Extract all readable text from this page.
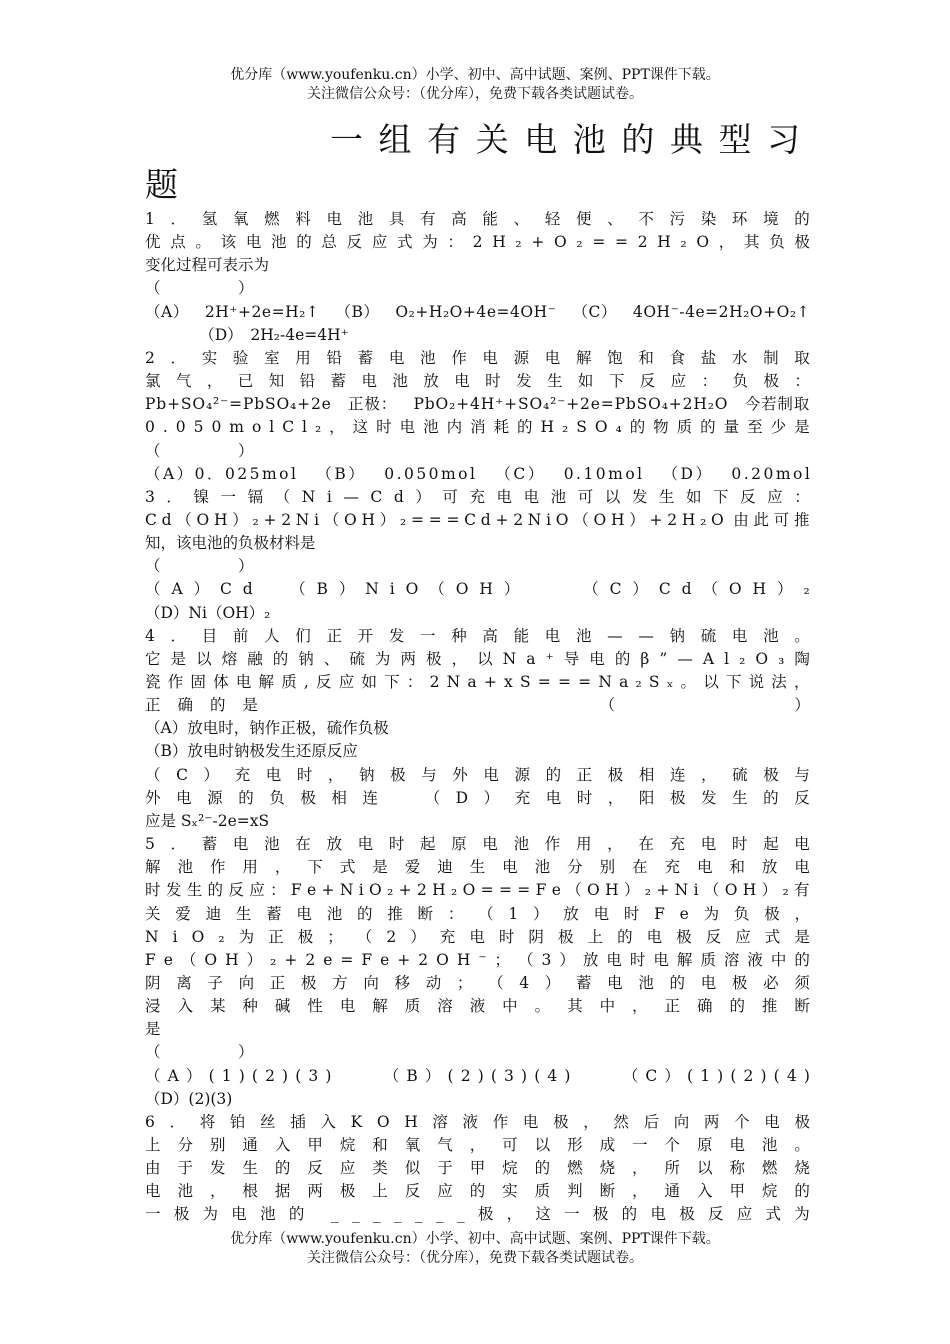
优分库（www.youfenku.cn）小学、初中、高中试题、案例、PPT课件下载。
关注微信公众号：（优分库），免费下载各类试题试卷。
一组有关电池的典型习
题
1 ． 氢 氧 燃 料 电 池 具 有 高 能 、 轻 便 、 不 污 染 环 境 的
优 点 。 该 电 池 的 总 反 应 式 为 ： 2 H ₂ + O ₂ = = 2 H ₂ O ， 其 负 极
变化过程可表示为
（　　　　　）
（ A ）
　 2 H ⁺ + 2 e = H ₂ ↑
　 （ B ）
　 O ₂ + H ₂ O + 4 e = 4 O H ⁻
　 （ C ）
　 4 O H ⁻ - 4 e = 2 H ₂ O + O ₂ ↑
　　　　（D）　2H₂-4e=4H⁺
2 ． 实 验 室 用 铅 蓄 电 池 作 电 源 电 解 饱 和 食 盐 水 制 取
氯 气 ， 已 知 铅 蓄 电 池 放 电 时 发 生 如 下 反 应 ： 负 极 ：
P b + S O ₄ ² ⁻ = P b S O ₄ + 2 e
　 正 极 ：
　 P b O ₂ + 4 H ⁺ + S O ₄ ² ⁻ + 2 e = P b S O ₄ + 2 H ₂ O
　 今 若 制 取
0 . 0 5 0 m o l C l ₂ ， 这 时 电 池 内 消 耗 的 H ₂ S O ₄ 的 物 质 的 量 至 少 是
（　　　　　）
（ A ） 0 ． 0 2 5 m o l
　 （ B ）
　 0 . 0 5 0 m o l
　 （ C ）
　 0 . 1 0 m o l
　 （ D ）
　 0 . 2 0 m o l
3 ． 镍 一 镉 （ N i — C d ） 可 充 电 电 池 可 以 发 生 如 下 反 应 ：
C d （ O H ） ₂ + 2 N i （ O H ） ₂ = = = C d + 2 N i O （ O H ） + 2 H ₂ O 由 此 可 推
知，该电池的负极材料是
（　　　　　）
（ A ） C d
　 （ B ） N i O （ O H ）

　	（ C ） C d （ O H ） ₂
（D）Ni（OH）₂
4 ． 目 前 人 们 正 开 发 一 种 高 能 电 池 — — 钠 硫 电 池 。
它 是 以 熔 融 的 钠 、 硫 为 两 极 ， 以 N a ⁺ 导 电 的 β ” — A l ₂ O ₃ 陶
瓷 作 固 体 电 解 质 , 反 应 如 下 ： 2 N a + x S = = = N a ₂ S ₓ 。 以 下 说 法 ，
正 确 的 是

　	（

　	）
（A）放电时，钠作正极，硫作负极
（B）放电时钠极发生还原反应
（ C ） 充 电 时 ， 钠 极 与 外 电 源 的 正 极 相 连 ， 硫 极 与
外 电 源 的 负 极 相 连
　	（ D ） 充 电 时 ， 阳 极 发 生 的 反
应是 Sₓ²⁻-2e=xS
5 ． 蓄 电 池 在 放 电 时 起 原 电 池 作 用 ， 在 充 电 时 起 电
解 池 作 用 ， 下 式 是 爱 迪 生 电 池 分 别 在 充 电 和 放 电
时 发 生 的 反 应 ： F e + N i O ₂ + 2 H ₂ O = = = F e （ O H ） ₂ + N i （ O H ） ₂ 有
关 爱 迪 生 蓄 电 池 的 推 断 ： （ 1 ） 放 电 时 F e 为 负 极 ，
N i O ₂ 为 正 极 ； （ 2 ） 充 电 时 阴 极 上 的 电 极 反 应 式 是
F e （ O H ） ₂ + 2 e = F e + 2 O H ⁻ ； （ 3 ） 放 电 时 电 解 质 溶 液 中 的
阴 离 子 向 正 极 方 向 移 动 ； （ 4 ） 蓄 电 池 的 电 极 必 须
浸 入 某 种 碱 性 电 解 质 溶 液 中 。 其 中 ， 正 确 的 推 断
是
（　　　　　）
（ A ） ( 1 ) ( 2 ) ( 3 )

　	（ B ） ( 2 ) ( 3 ) ( 4 )

　	（ C ） ( 1 ) ( 2 ) ( 4 )
（D）(2)(3)
6 ． 将 铂 丝 插 入 K O H 溶 液 作 电 极 ， 然 后 向 两 个 电 极
上 分 别 通 入 甲 烷 和 氧 气 ， 可 以 形 成 一 个 原 电 池 。
由 于 发 生 的 反 应 类 似 于 甲 烷 的 燃 烧 ， 所 以 称 燃 烧
电 池 ， 根 据 两 极 上 反 应 的 实 质 判 断 ， 通 入 甲 烷 的
一 极 为 电 池 的 _ _ _ _ _ _ _ 极 ， 这 一 极 的 电 极 反 应 式 为
优分库（www.youfenku.cn）小学、初中、高中试题、案例、PPT课件下载。
关注微信公众号：（优分库），免费下载各类试题试卷。
